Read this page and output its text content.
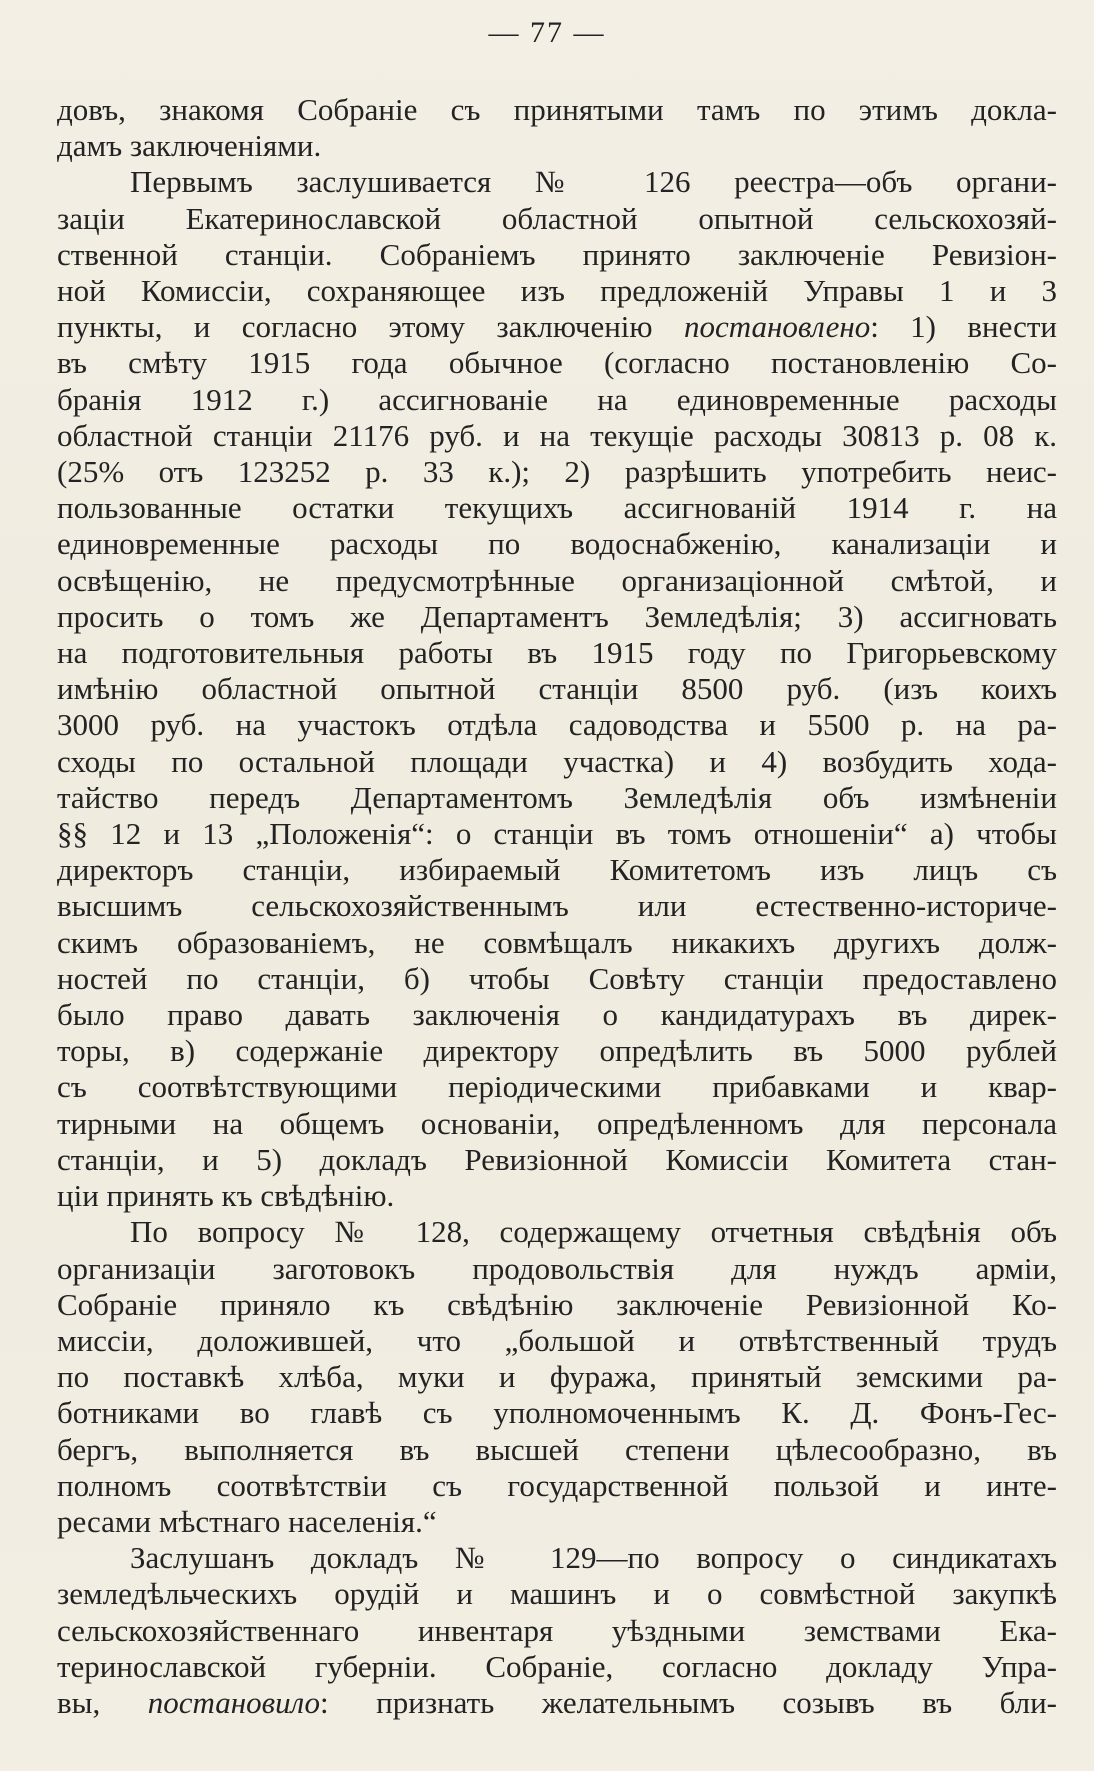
— 77 —
довъ, знакомя Собраніе съ принятыми тамъ по этимъ докла-
дамъ заключеніями.
Первымъ заслушивается № 126 реестра—объ органи-
заціи Екатеринославской областной опытной сельскохозяй-
ственной станціи. Собраніемъ принято заключеніе Ревизіон-
ной Комиссіи, сохраняющее изъ предложеній Управы 1 и 3
пункты, и согласно этому заключенію постановлено: 1) внести
въ смѣту 1915 года обычное (согласно постановленію Со-
бранія 1912 г.) ассигнованіе на единовременные расходы
областной станціи 21176 руб. и на текущіе расходы 30813 р. 08 к.
(25% отъ 123252 р. 33 к.); 2) разрѣшить употребить неис-
пользованные остатки текущихъ ассигнованій 1914 г. на
единовременные расходы по водоснабженію, канализаціи и
освѣщенію, не предусмотрѣнные организаціонной смѣтой, и
просить о томъ же Департаментъ Земледѣлія; 3) ассигновать
на подготовительныя работы въ 1915 году по Григорьевскому
имѣнію областной опытной станціи 8500 руб. (изъ коихъ
3000 руб. на участокъ отдѣла садоводства и 5500 р. на ра-
сходы по остальной площади участка) и 4) возбудить хода-
тайство передъ Департаментомъ Земледѣлія объ измѣненіи
§§ 12 и 13 „Положенія“: о станціи въ томъ отношеніи“ а) чтобы
директоръ станціи, избираемый Комитетомъ изъ лицъ съ
высшимъ сельскохозяйственнымъ или естественно-историче-
скимъ образованіемъ, не совмѣщалъ никакихъ другихъ долж-
ностей по станціи, б) чтобы Совѣту станціи предоставлено
было право давать заключенія о кандидатурахъ въ дирек-
торы, в) содержаніе директору опредѣлить въ 5000 рублей
съ соотвѣтствующими періодическими прибавками и квар-
тирными на общемъ основаніи, опредѣленномъ для персонала
станціи, и 5) докладъ Ревизіонной Комиссіи Комитета стан-
ціи принять къ свѣдѣнію.
По вопросу № 128, содержащему отчетныя свѣдѣнія объ
организаціи заготовокъ продовольствія для нуждъ арміи,
Собраніе приняло къ свѣдѣнію заключеніе Ревизіонной Ко-
миссіи, доложившей, что „большой и отвѣтственный трудъ
по поставкѣ хлѣба, муки и фуража, принятый земскими ра-
ботниками во главѣ съ уполномоченнымъ К. Д. Фонъ-Гес-
бергъ, выполняется въ высшей степени цѣлесообразно, въ
полномъ соотвѣтствіи съ государственной пользой и инте-
ресами мѣстнаго населенія.“
Заслушанъ докладъ № 129—по вопросу о синдикатахъ
земледѣльческихъ орудій и машинъ и о совмѣстной закупкѣ
сельскохозяйственнаго инвентаря уѣздными земствами Ека-
теринославской губерніи. Собраніе, согласно докладу Упра-
вы, постановило: признать желательнымъ созывъ въ бли-
